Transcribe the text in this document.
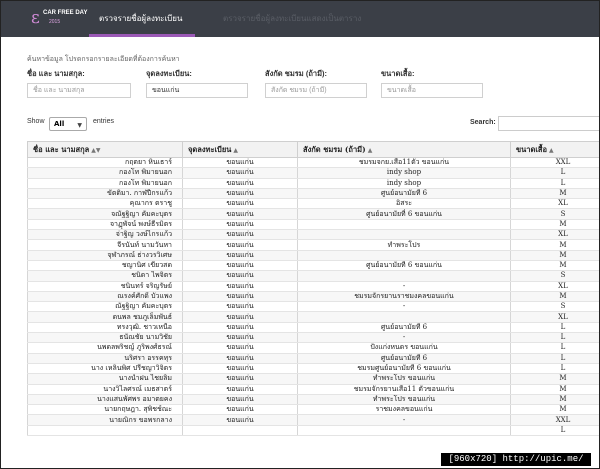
ε CAR FREE DAY
2015	ตรวจรายชื่อผู้ลงทะเบียน	ตรวจรายชื่อผู้ลงทะเบียนแสดงเป็นตาราง
ค้นหาข้อมูล โปรดกรอกรายละเอียดที่ต้องการค้นหา
ชื่อ และ นามสกุล:	จุดลงทะเบียน:	สังกัด ชมรม (ถ้ามี):	ขนาดเสื้อ:
ชื่อ และ นามสกุล	ขอนแก่น	สังกัด ชมรม (ถ้ามี)	ขนาดเสื้อ
Show	All ▼
entries	Search:
ชื่อ และ นามสกุล ▲▼	จุดลงทะเบียน ▲	สังกัด ชมรม (ถ้ามี) ▲	ขนาดเสื้อ ▲
กฤตยา หินเธาร์	ขอนแก่น	ชมรมจกย.เสือ11ตัว ขอนแก่น	XXL
กองโท พิมายนอก	ขอนแก่น	indy shop	L
กองโท พิมายนอก	ขอนแก่น	indy shop	L
ขัตติมา. กาฬปีกรแก้ว	ขอนแก่น	ศูนย์อนามัยที่ 6	M
คุณากร ตราชู	ขอนแก่น	อิสระ	XL
จณัฐฐิญา คัมคะบุตร	ขอนแก่น	ศูนย์อนามัยที่ 6 ขอนแก่น	S
จาฏุพัจน์ พงษ์ธีรมิตร	ขอนแก่น		M
จ่าฐิญ วงษ์ไกรแก้ว	ขอนแก่น		XL
จีรนันท์ นามวันหา	ขอนแก่น	ทำพระโปร	M
จุฬาภรณ์ ธ่างวรวิเศษ	ขอนแก่น		M
ชญานิศ เขียวสด	ขอนแก่น	ศูนย์อนามัยที่ 6 ขอนแก่น	M
ชนิดา ไพจิตร	ขอนแก่น		S
ชนินทร์ จริญรัษย์	ขอนแก่น	-	XL
ณรงค์ศักดิ์ บัวแพง	ขอนแก่น	ชมรมจักรยานราชมงคลขอนแก่น	M
ณัฐฐิญา คัมคะบุตร	ขอนแก่น	-	S
ดนพล ชมภูเล็มพันธ์	ขอนแก่น		XL
ทรงวุฒิ. ชาวเหนือ	ขอนแก่น	ศูนย์อนามัยที่ 6	L
ธนัณชัย นามวิชัย	ขอนแก่น	-	L
นพดลพริชญ์ ภูริพงศ์ธรณ์	ขอนแก่น	ปั่งแก่งหนดร ขอนแก่น	L
นริศรา อรรคทุร	ขอนแก่น	ศูนย์อนามัยที่ 6	L
นาง เหลินพิศ ปรีชญาวิจิตร	ขอนแก่น	ชมรมศูนย์อนามัยที่ 6 ขอนแก่น	L
นางน้ำฝน ไชยลิ้ม	ขอนแก่น	ทำพระโปร ขอนแก่น	M
นางวิไลศรณ์ เมธสาตร์	ขอนแก่น	ชมรมจักรยานเสือ11 ตัวขอนแก่น	M
นางแสนพัศพร อมาตยคง	ขอนแก่น	ทำพระโปร ขอนแก่น	M
นายกฤษฎา. สุพิชช์ณะ	ขอนแก่น	ราชมงคลขอนแก่น	M
นายณิกร ขอพรกลาง	ขอนแก่น	-	XXL
			L
[960x720] http://upic.me/
